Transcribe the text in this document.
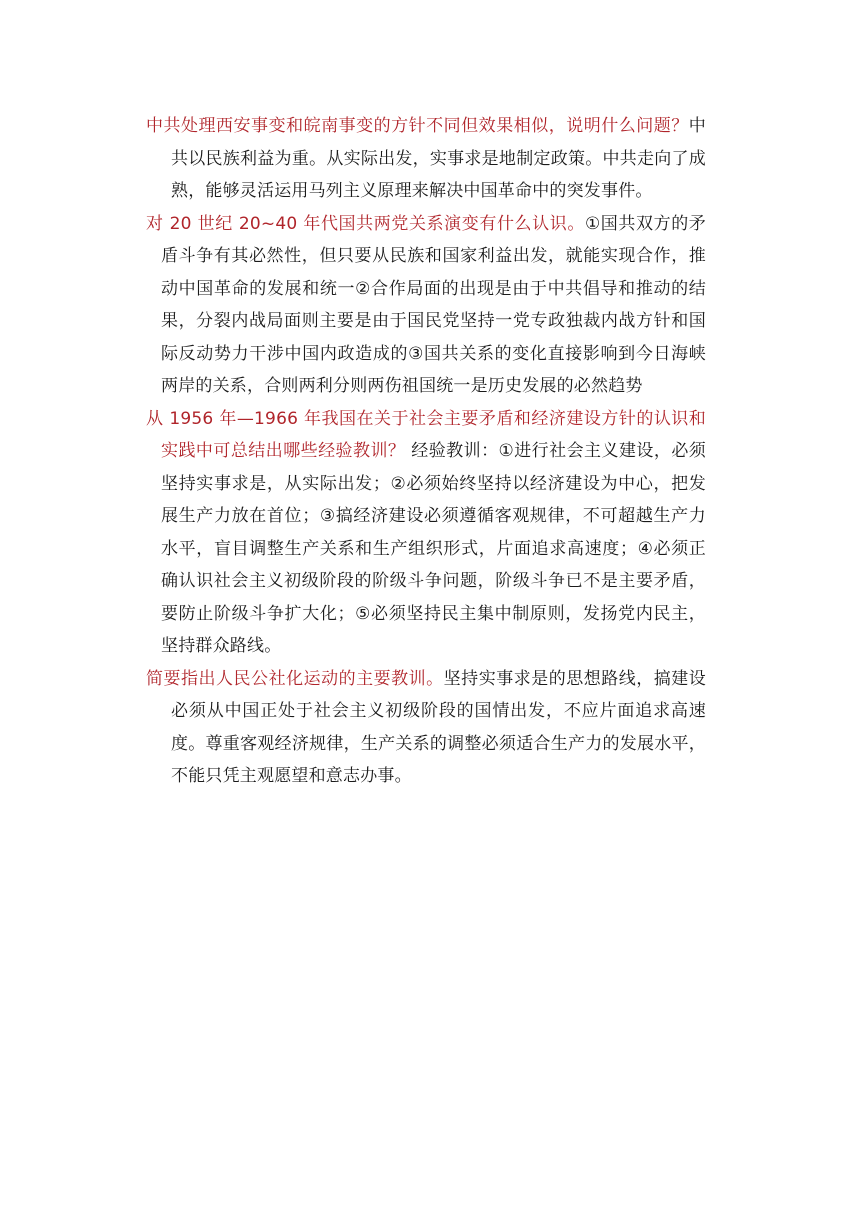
中共处理西安事变和皖南事变的方针不同但效果相似，说明什么问题？中共以民族利益为重。从实际出发，实事求是地制定政策。中共走向了成熟，能够灵活运用马列主义原理来解决中国革命中的突发事件。

对 20 世纪 20~40 年代国共两党关系演变有什么认识。①国共双方的矛盾斗争有其必然性，但只要从民族和国家利益出发，就能实现合作，推动中国革命的发展和统一②合作局面的出现是由于中共倡导和推动的结果，分裂内战局面则主要是由于国民党坚持一党专政独裁内战方针和国际反动势力干涉中国内政造成的③国共关系的变化直接影响到今日海峡两岸的关系，合则两利分则两伤祖国统一是历史发展的必然趋势

从 1956 年—1966 年我国在关于社会主要矛盾和经济建设方针的认识和实践中可总结出哪些经验教训？ 经验教训：①进行社会主义建设，必须坚持实事求是，从实际出发；②必须始终坚持以经济建设为中心，把发展生产力放在首位；③搞经济建设必须遵循客观规律，不可超越生产力水平，盲目调整生产关系和生产组织形式，片面追求高速度；④必须正确认识社会主义初级阶段的阶级斗争问题，阶级斗争已不是主要矛盾，要防止阶级斗争扩大化；⑤必须坚持民主集中制原则，发扬党内民主，坚持群众路线。

简要指出人民公社化运动的主要教训。坚持实事求是的思想路线，搞建设必须从中国正处于社会主义初级阶段的国情出发，不应片面追求高速度。尊重客观经济规律，生产关系的调整必须适合生产力的发展水平，不能只凭主观愿望和意志办事。
